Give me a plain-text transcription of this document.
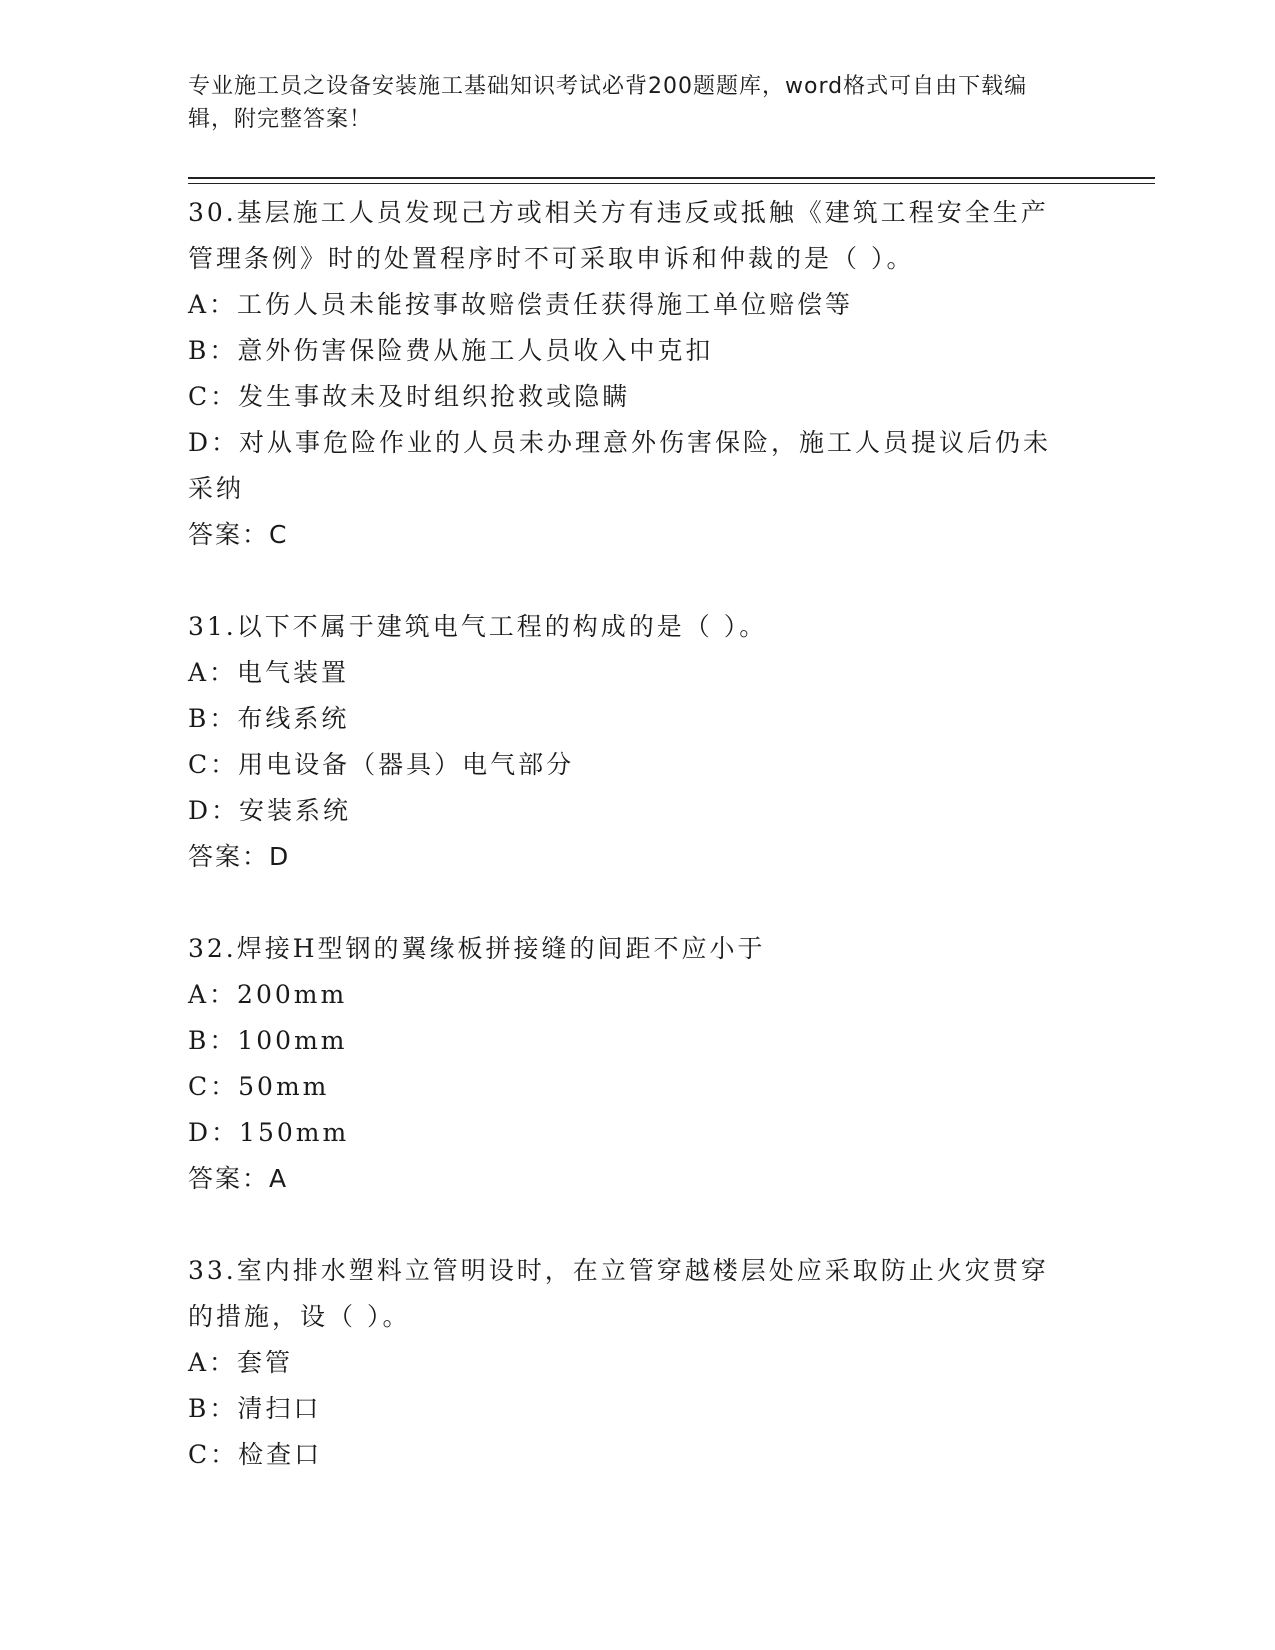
专业施工员之设备安装施工基础知识考试必背200题题库，word格式可自由下载编辑，附完整答案！
30.基层施工人员发现己方或相关方有违反或抵触《建筑工程安全生产管理条例》时的处置程序时不可采取申诉和仲裁的是（ ）。
A：工伤人员未能按事故赔偿责任获得施工单位赔偿等
B：意外伤害保险费从施工人员收入中克扣
C：发生事故未及时组织抢救或隐瞒
D：对从事危险作业的人员未办理意外伤害保险，施工人员提议后仍未采纳
答案：C
31.以下不属于建筑电气工程的构成的是（ ）。
A：电气装置
B：布线系统
C：用电设备（器具）电气部分
D：安装系统
答案：D
32.焊接H型钢的翼缘板拼接缝的间距不应小于
A：200mm
B：100mm
C：50mm
D：150mm
答案：A
33.室内排水塑料立管明设时，在立管穿越楼层处应采取防止火灾贯穿的措施，设（ ）。
A：套管
B：清扫口
C：检查口
